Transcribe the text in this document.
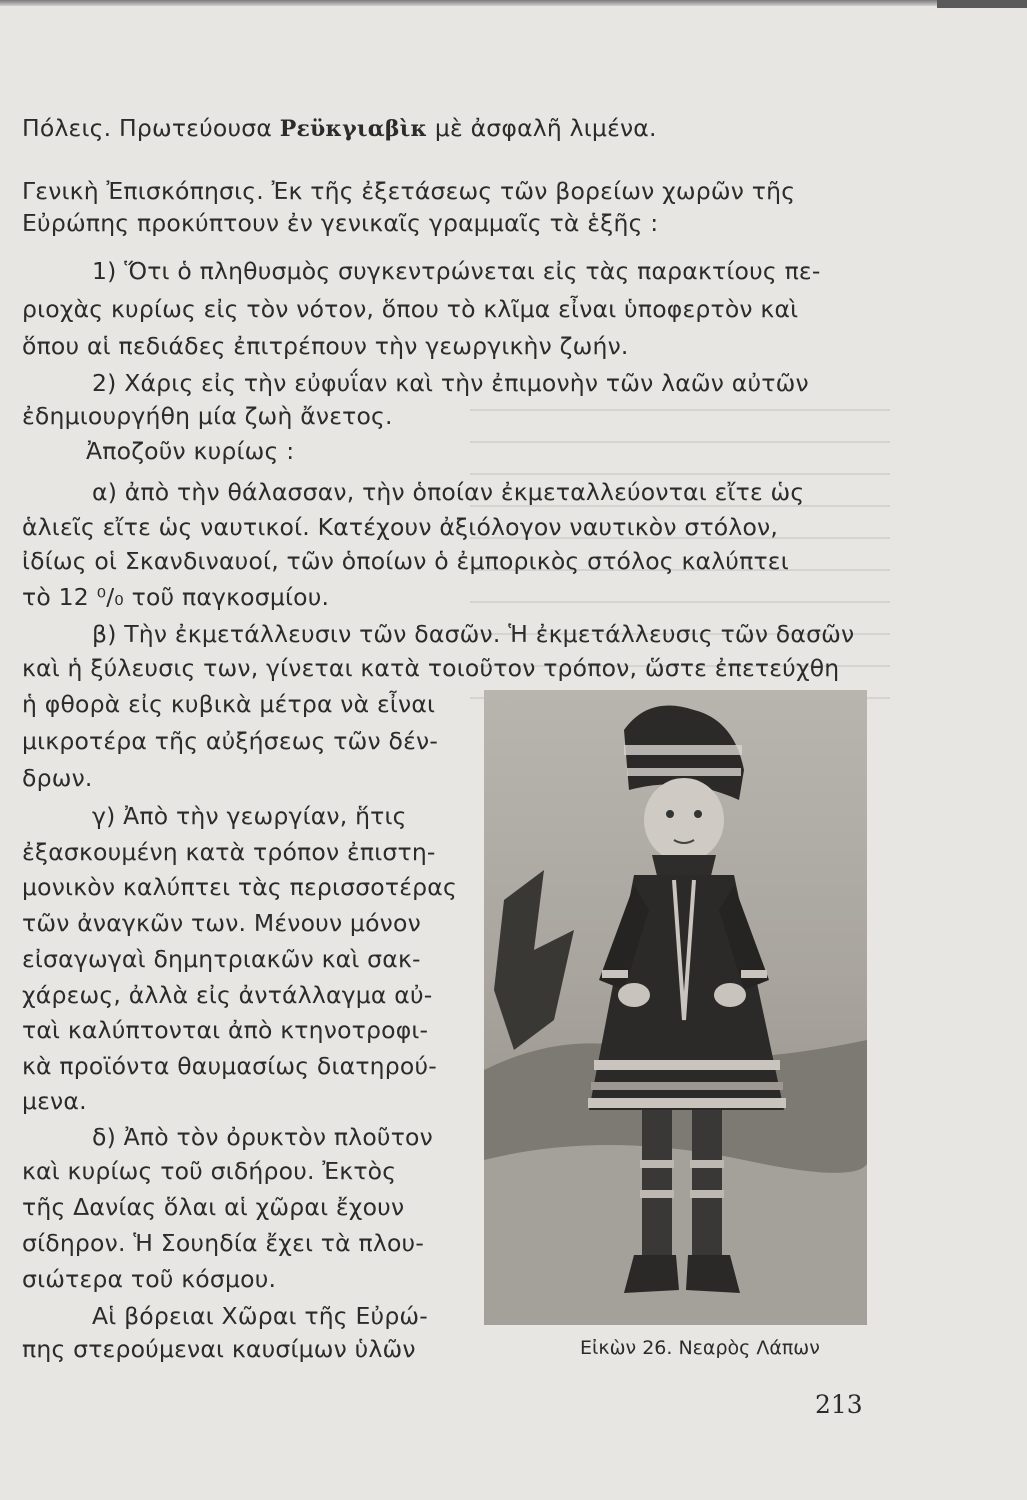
Πόλεις. Πρωτεύουσα Ρεϋκγιαβὶκ μὲ ἀσφαλῆ λιμένα.
Γενικὴ Ἐπισκόπησις. Ἐκ τῆς ἐξετάσεως τῶν βορείων χωρῶν τῆς
Εὐρώπης προκύπτουν ἐν γενικαῖς γραμμαῖς τὰ ἑξῆς :
1) Ὅτι ὁ πληθυσμὸς συγκεντρώνεται εἰς τὰς παρακτίους πε-
ριοχὰς κυρίως εἰς τὸν νότον, ὅπου τὸ κλῖμα εἶναι ὑποφερτὸν καὶ
ὅπου αἱ πεδιάδες ἐπιτρέπουν τὴν γεωργικὴν ζωήν.
2) Χάρις εἰς τὴν εὐφυΐαν καὶ τὴν ἐπιμονὴν τῶν λαῶν αὐτῶν
ἐδημιουργήθη μία ζωὴ ἄνετος.
Ἀποζοῦν κυρίως :
α) ἀπὸ τὴν θάλασσαν, τὴν ὁποίαν ἐκμεταλλεύονται εἴτε ὡς
ἁλιεῖς εἴτε ὡς ναυτικοί. Κατέχουν ἀξιόλογον ναυτικὸν στόλον,
ἰδίως οἱ Σκανδιναυοί, τῶν ὁποίων ὁ ἐμπορικὸς στόλος καλύπτει
τὸ 12 ⁰/₀ τοῦ παγκοσμίου.
β) Τὴν ἐκμετάλλευσιν τῶν δασῶν. Ἡ ἐκμετάλλευσις τῶν δασῶν
καὶ ἡ ξύλευσις των, γίνεται κατὰ τοιοῦτον τρόπον, ὥστε ἐπετεύχθη
ἡ φθορὰ εἰς κυβικὰ μέτρα νὰ εἶναι
μικροτέρα τῆς αὐξήσεως τῶν δέν-
δρων.
γ) Ἀπὸ τὴν γεωργίαν, ἥτις
ἐξασκουμένη κατὰ τρόπον ἐπιστη-
μονικὸν καλύπτει τὰς περισσοτέρας
τῶν ἀναγκῶν των. Μένουν μόνον
εἰσαγωγαὶ δημητριακῶν καὶ σακ-
χάρεως, ἀλλὰ εἰς ἀντάλλαγμα αὐ-
ταὶ καλύπτονται ἀπὸ κτηνοτροφι-
κὰ προϊόντα θαυμασίως διατηρού-
μενα.
δ) Ἀπὸ τὸν ὀρυκτὸν πλοῦτον
καὶ κυρίως τοῦ σιδήρου. Ἐκτὸς
τῆς Δανίας ὅλαι αἱ χῶραι ἔχουν
σίδηρον. Ἡ Σουηδία ἔχει τὰ πλου-
σιώτερα τοῦ κόσμου.
Αἱ βόρειαι Χῶραι τῆς Εὐρώ-
πης στερούμεναι καυσίμων ὑλῶν	Εἰκὼν 26. Νεαρὸς Λάπων
213
